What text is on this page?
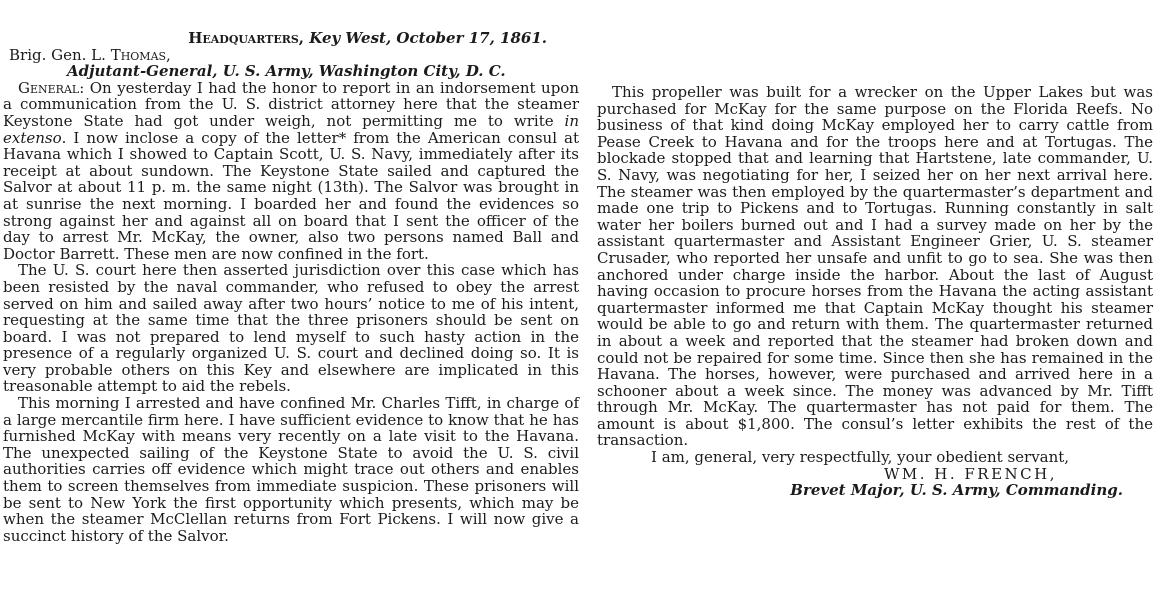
Headquarters, Key West, October 17, 1861.
Brig. Gen. L. Thomas,
Adjutant-General, U. S. Army, Washington City, D. C.

General: On yesterday I had the honor to report in an indorsement upon a communication from the U. S. district attorney here that the steamer Keystone State had got under weigh, not permitting me to write in extenso. I now inclose a copy of the letter* from the American consul at Havana which I showed to Captain Scott, U. S. Navy, immediately after its receipt at about sundown. The Keystone State sailed and captured the Salvor at about 11 p. m. the same night (13th). The Salvor was brought in at sunrise the next morning. I boarded her and found the evidences so strong against her and against all on board that I sent the officer of the day to arrest Mr. McKay, the owner, also two persons named Ball and Doctor Barrett. These men are now confined in the fort.

The U. S. court here then asserted jurisdiction over this case which has been resisted by the naval commander, who refused to obey the arrest served on him and sailed away after two hours’ notice to me of his intent, requesting at the same time that the three prisoners should be sent on board. I was not prepared to lend myself to such hasty action in the presence of a regularly organized U. S. court and declined doing so. It is very probable others on this Key and elsewhere are implicated in this treasonable attempt to aid the rebels.

This morning I arrested and have confined Mr. Charles Tifft, in charge of a large mercantile firm here. I have sufficient evidence to know that he has furnished McKay with means very recently on a late visit to the Havana. The unexpected sailing of the Keystone State to avoid the U. S. civil authorities carries off evidence which might trace out others and enables them to screen themselves from immediate suspicion. These prisoners will be sent to New York the first opportunity which presents, which may be when the steamer McClellan returns from Fort Pickens. I will now give a succinct history of the Salvor.

This propeller was built for a wrecker on the Upper Lakes but was purchased for McKay for the same purpose on the Florida Reefs. No business of that kind doing McKay employed her to carry cattle from Pease Creek to Havana and for the troops here and at Tortugas. The blockade stopped that and learning that Hartstene, late commander, U. S. Navy, was negotiating for her, I seized her on her next arrival here. The steamer was then employed by the quartermaster’s department and made one trip to Pickens and to Tortugas. Running constantly in salt water her boilers burned out and I had a survey made on her by the assistant quartermaster and Assistant Engineer Grier, U. S. steamer Crusader, who reported her unsafe and unfit to go to sea. She was then anchored under charge inside the harbor. About the last of August having occasion to procure horses from the Havana the acting assistant quartermaster informed me that Captain McKay thought his steamer would be able to go and return with them. The quartermaster returned in about a week and reported that the steamer had broken down and could not be repaired for some time. Since then she has remained in the Havana. The horses, however, were purchased and arrived here in a schooner about a week since. The money was advanced by Mr. Tifft through Mr. McKay. The quartermaster has not paid for them. The amount is about $1,800. The consul’s letter exhibits the rest of the transaction.

I am, general, very respectfully, your obedient servant,

WM. H. FRENCH,

Brevet Major, U. S. Army, Commanding.
